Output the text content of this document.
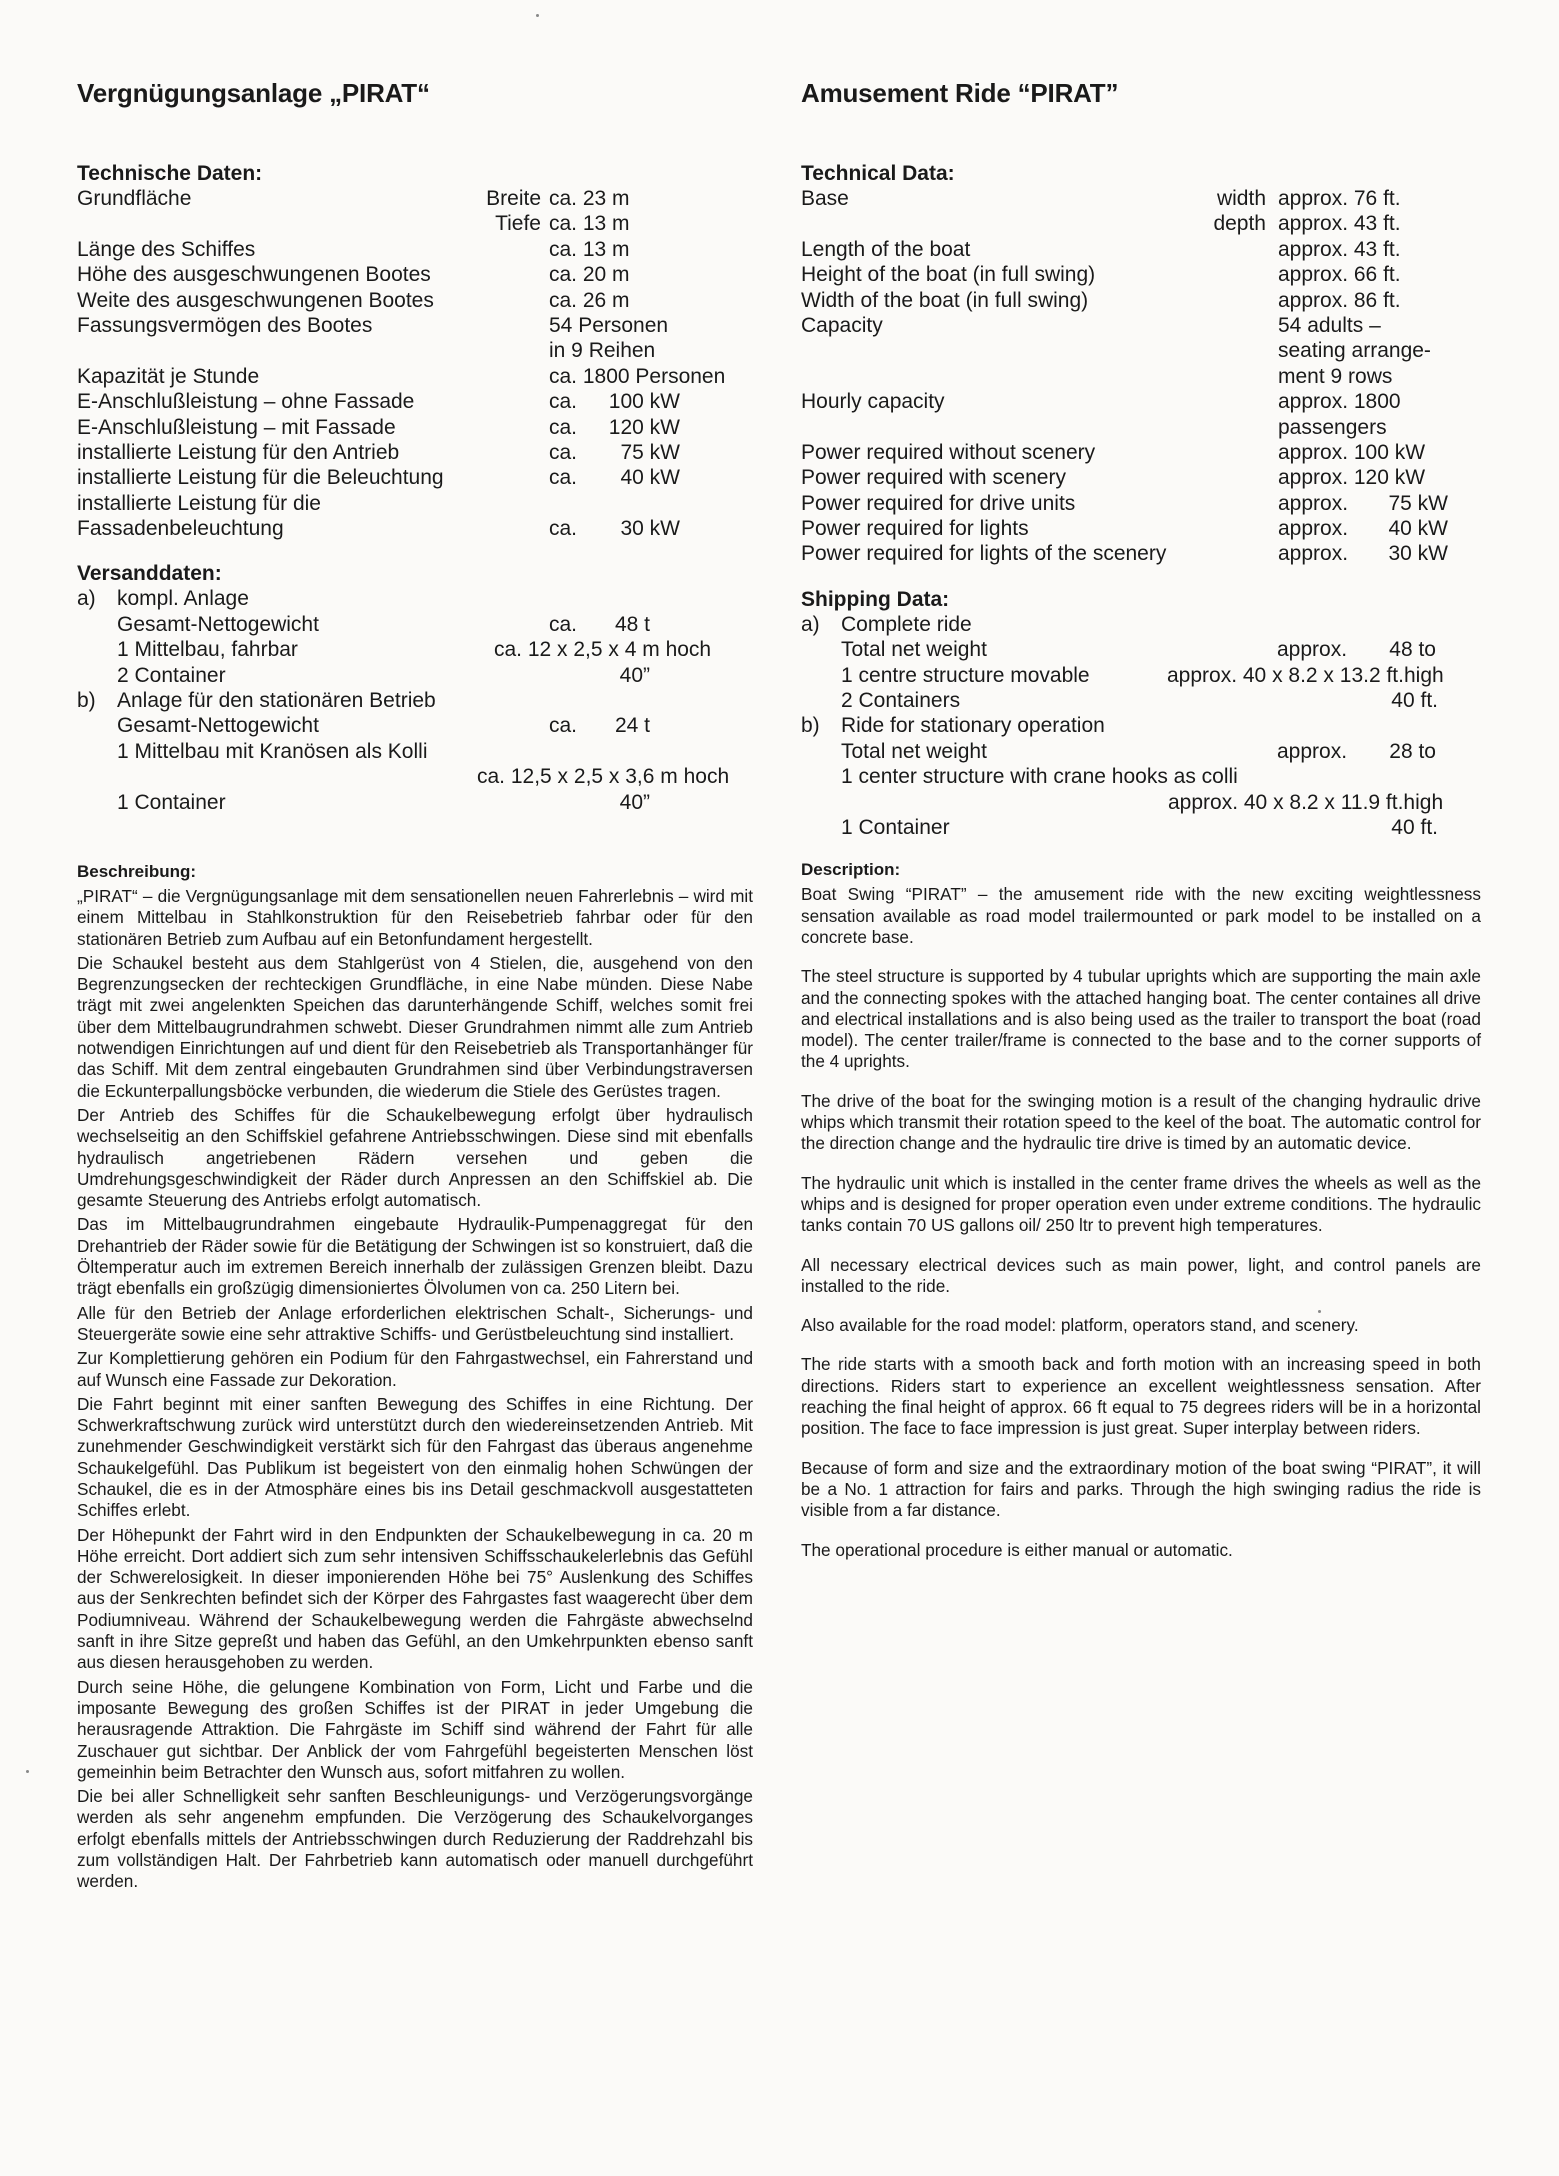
Vergnügungsanlage „PIRAT“
Technische Daten:
Grundfläche	Breite ca. 23 m
Tiefe ca. 13 m
Länge des Schiffes	ca. 13 m
Höhe des ausgeschwungenen Bootes	ca. 20 m
Weite des ausgeschwungenen Bootes	ca. 26 m
Fassungsvermögen des Bootes	54 Personen
in 9 Reihen
Kapazität je Stunde	ca. 1800 Personen
E-Anschlußleistung – ohne Fassade	ca. 100 kW
E-Anschlußleistung – mit Fassade	ca. 120 kW
installierte Leistung für den Antrieb	ca. 75 kW
installierte Leistung für die Beleuchtung	ca. 40 kW
installierte Leistung für die
Fassadenbeleuchtung	ca. 30 kW
Versanddaten:
a) kompl. Anlage
Gesamt-Nettogewicht	ca. 48 t
1 Mittelbau, fahrbar	ca. 12 x 2,5 x 4 m hoch
2 Container	40”
b) Anlage für den stationären Betrieb
Gesamt-Nettogewicht	ca. 24 t
1 Mittelbau mit Kranösen als Kolli
ca. 12,5 x 2,5 x 3,6 m hoch
1 Container	40”
Beschreibung:

„PIRAT“ – die Vergnügungsanlage mit dem sensationellen neuen Fahrerlebnis – wird mit einem Mittelbau in Stahlkonstruktion für den Reisebetrieb fahrbar oder für den stationären Betrieb zum Aufbau auf ein Betonfundament hergestellt.

Die Schaukel besteht aus dem Stahlgerüst von 4 Stielen, die, ausgehend von den Begrenzungsecken der rechteckigen Grundfläche, in eine Nabe münden. Diese Nabe trägt mit zwei angelenkten Speichen das darunterhängende Schiff, welches somit frei über dem Mittelbaugrundrahmen schwebt. Dieser Grundrahmen nimmt alle zum Antrieb notwendigen Einrichtungen auf und dient für den Reisebetrieb als Transportanhänger für das Schiff. Mit dem zentral eingebauten Grundrahmen sind über Verbindungstraversen die Eckunterpallungsböcke verbunden, die wiederum die Stiele des Gerüstes tragen.

Der Antrieb des Schiffes für die Schaukelbewegung erfolgt über hydraulisch wechselseitig an den Schiffskiel gefahrene Antriebsschwingen. Diese sind mit ebenfalls hydraulisch angetriebenen Rädern versehen und geben die Umdrehungsgeschwindigkeit der Räder durch Anpressen an den Schiffskiel ab. Die gesamte Steuerung des Antriebs erfolgt automatisch.

Das im Mittelbaugrundrahmen eingebaute Hydraulik-Pumpenaggregat für den Drehantrieb der Räder sowie für die Betätigung der Schwingen ist so konstruiert, daß die Öltemperatur auch im extremen Bereich innerhalb der zulässigen Grenzen bleibt. Dazu trägt ebenfalls ein großzügig dimensioniertes Ölvolumen von ca. 250 Litern bei.

Alle für den Betrieb der Anlage erforderlichen elektrischen Schalt-, Sicherungs- und Steuergeräte sowie eine sehr attraktive Schiffs- und Gerüstbeleuchtung sind installiert.

Zur Komplettierung gehören ein Podium für den Fahrgastwechsel, ein Fahrerstand und auf Wunsch eine Fassade zur Dekoration.

Die Fahrt beginnt mit einer sanften Bewegung des Schiffes in eine Richtung. Der Schwerkraftschwung zurück wird unterstützt durch den wiedereinsetzenden Antrieb. Mit zunehmender Geschwindigkeit verstärkt sich für den Fahrgast das überaus angenehme Schaukelgefühl. Das Publikum ist begeistert von den einmalig hohen Schwüngen der Schaukel, die es in der Atmosphäre eines bis ins Detail geschmackvoll ausgestatteten Schiffes erlebt.

Der Höhepunkt der Fahrt wird in den Endpunkten der Schaukelbewegung in ca. 20 m Höhe erreicht. Dort addiert sich zum sehr intensiven Schiffsschaukelerlebnis das Gefühl der Schwerelosigkeit. In dieser imponierenden Höhe bei 75° Auslenkung des Schiffes aus der Senkrechten befindet sich der Körper des Fahrgastes fast waagerecht über dem Podiumniveau. Während der Schaukelbewegung werden die Fahrgäste abwechselnd sanft in ihre Sitze gepreßt und haben das Gefühl, an den Umkehrpunkten ebenso sanft aus diesen herausgehoben zu werden.

Durch seine Höhe, die gelungene Kombination von Form, Licht und Farbe und die imposante Bewegung des großen Schiffes ist der PIRAT in jeder Umgebung die herausragende Attraktion. Die Fahrgäste im Schiff sind während der Fahrt für alle Zuschauer gut sichtbar. Der Anblick der vom Fahrgefühl begeisterten Menschen löst gemeinhin beim Betrachter den Wunsch aus, sofort mitfahren zu wollen.

Die bei aller Schnelligkeit sehr sanften Beschleunigungs- und Verzögerungsvorgänge werden als sehr angenehm empfunden. Die Verzögerung des Schaukelvorganges erfolgt ebenfalls mittels der Antriebsschwingen durch Reduzierung der Raddrehzahl bis zum vollständigen Halt. Der Fahrbetrieb kann automatisch oder manuell durchgeführt werden.

Amusement Ride “PIRAT”
Technical Data:
Base	width approx. 76 ft.
depth approx. 43 ft.
Length of the boat	approx. 43 ft.
Height of the boat (in full swing)	approx. 66 ft.
Width of the boat (in full swing)	approx. 86 ft.
Capacity	54 adults –
seating arrange-
ment 9 rows
Hourly capacity	approx. 1800
passengers
Power required without scenery	approx. 100 kW
Power required with scenery	approx. 120 kW
Power required for drive units	approx. 75 kW
Power required for lights	approx. 40 kW
Power required for lights of the scenery	approx. 30 kW
Shipping Data:
a) Complete ride
Total net weight	approx. 48 to
1 centre structure movable	approx. 40 x 8.2 x 13.2 ft.high
2 Containers	40 ft.
b) Ride for stationary operation
Total net weight	approx. 28 to
1 center structure with crane hooks as colli
approx. 40 x 8.2 x 11.9 ft.high
1 Container	40 ft.
Description:

Boat Swing “PIRAT” – the amusement ride with the new exciting weightlessness sensation available as road model trailermounted or park model to be installed on a concrete base.

The steel structure is supported by 4 tubular uprights which are supporting the main axle and the connecting spokes with the attached hanging boat. The center containes all drive and electrical installations and is also being used as the trailer to transport the boat (road model). The center trailer/frame is connected to the base and to the corner supports of the 4 uprights.

The drive of the boat for the swinging motion is a result of the changing hydraulic drive whips which transmit their rotation speed to the keel of the boat. The automatic control for the direction change and the hydraulic tire drive is timed by an automatic device.

The hydraulic unit which is installed in the center frame drives the wheels as well as the whips and is designed for proper operation even under extreme conditions. The hydraulic tanks contain 70 US gallons oil/ 250 ltr to prevent high temperatures.

All necessary electrical devices such as main power, light, and control panels are installed to the ride.

Also available for the road model: platform, operators stand, and scenery.

The ride starts with a smooth back and forth motion with an increasing speed in both directions. Riders start to experience an excellent weightlessness sensation. After reaching the final height of approx. 66 ft equal to 75 degrees riders will be in a horizontal position. The face to face impression is just great. Super interplay between riders.

Because of form and size and the extraordinary motion of the boat swing “PIRAT”, it will be a No. 1 attraction for fairs and parks. Through the high swinging radius the ride is visible from a far distance.

The operational procedure is either manual or automatic.
